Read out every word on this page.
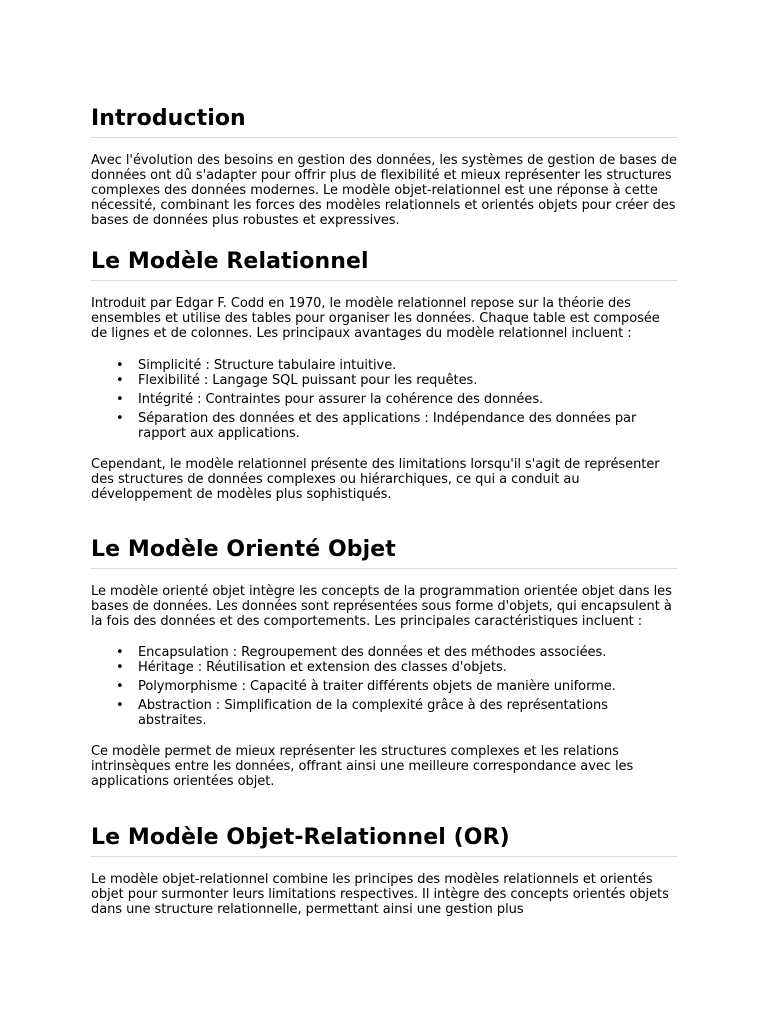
Introduction

Avec l'évolution des besoins en gestion des données, les systèmes de gestion de bases de données ont dû s'adapter pour offrir plus de flexibilité et mieux représenter les structures complexes des données modernes. Le modèle objet-relationnel est une réponse à cette nécessité, combinant les forces des modèles relationnels et orientés objets pour créer des bases de données plus robustes et expressives.

Le Modèle Relationnel

Introduit par Edgar F. Codd en 1970, le modèle relationnel repose sur la théorie des ensembles et utilise des tables pour organiser les données. Chaque table est composée de lignes et de colonnes. Les principaux avantages du modèle relationnel incluent :

• Simplicité : Structure tabulaire intuitive.
• Flexibilité : Langage SQL puissant pour les requêtes.
• Intégrité : Contraintes pour assurer la cohérence des données.
• Séparation des données et des applications : Indépendance des données par rapport aux applications.

Cependant, le modèle relationnel présente des limitations lorsqu'il s'agit de représenter des structures de données complexes ou hiérarchiques, ce qui a conduit au développement de modèles plus sophistiqués.

Le Modèle Orienté Objet

Le modèle orienté objet intègre les concepts de la programmation orientée objet dans les bases de données. Les données sont représentées sous forme d'objets, qui encapsulent à la fois des données et des comportements. Les principales caractéristiques incluent :

• Encapsulation : Regroupement des données et des méthodes associées.
• Héritage : Réutilisation et extension des classes d'objets.
• Polymorphisme : Capacité à traiter différents objets de manière uniforme.
• Abstraction : Simplification de la complexité grâce à des représentations abstraites.

Ce modèle permet de mieux représenter les structures complexes et les relations intrinsèques entre les données, offrant ainsi une meilleure correspondance avec les applications orientées objet.

Le Modèle Objet-Relationnel (OR)

Le modèle objet-relationnel combine les principes des modèles relationnels et orientés objet pour surmonter leurs limitations respectives. Il intègre des concepts orientés objets dans une structure relationnelle, permettant ainsi une gestion plus
